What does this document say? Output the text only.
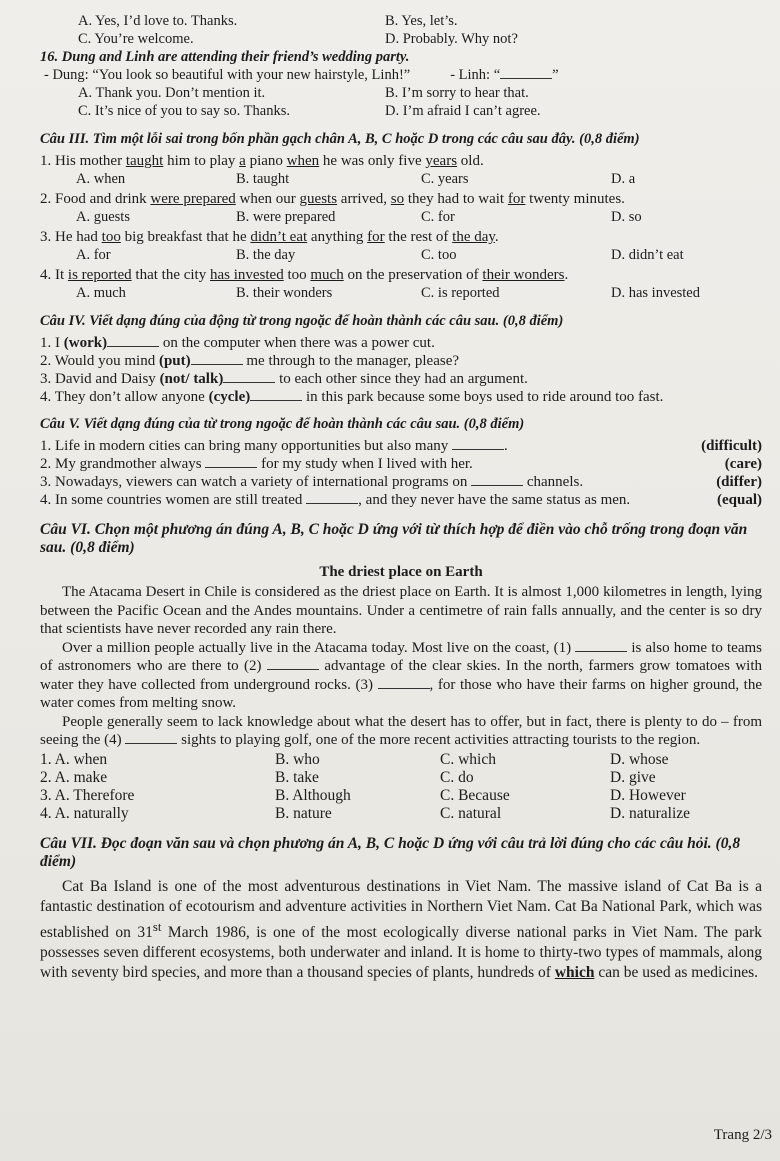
A. Yes, I’d love to. Thanks.	B. Yes, let’s.
C. You’re welcome.	D. Probably. Why not?
16. Dung and Linh are attending their friend’s wedding party.
- Dung: “You look so beautiful with your new hairstyle, Linh!”	- Linh: “	”
A. Thank you. Don’t mention it.	B. I’m sorry to hear that.
C. It’s nice of you to say so. Thanks.	D. I’m afraid I can’t agree.
Câu III. Tìm một lỗi sai trong bốn phần gạch chân A, B, C hoặc D trong các câu sau đây. (0,8 điểm)
1. His mother taught him to play a piano when he was only five years old.
A. when	B. taught	C. years	D. a
2. Food and drink were prepared when our guests arrived, so they had to wait for twenty minutes.
A. guests	B. were prepared	C. for	D. so
3. He had too big breakfast that he didn’t eat anything for the rest of the day.
A. for	B. the day	C. too	D. didn’t eat
4. It is reported that the city has invested too much on the preservation of their wonders.
A. much	B. their wonders	C. is reported	D. has invested
Câu IV. Viết dạng đúng của động từ trong ngoặc để hoàn thành các câu sau. (0,8 điểm)
1. I (work)	on the computer when there was a power cut.
2. Would you mind (put)	me through to the manager, please?
3. David and Daisy (not/ talk)	to each other since they had an argument.
4. They don’t allow anyone (cycle)	in this park because some boys used to ride around too fast.
Câu V. Viết dạng đúng của từ trong ngoặc để hoàn thành các câu sau. (0,8 điểm)
1. Life in modern cities can bring many opportunities but also many	.	(difficult)
2. My grandmother always	for my study when I lived with her.	(care)
3. Nowadays, viewers can watch a variety of international programs on	channels.	(differ)
4. In some countries women are still treated	, and they never have the same status as men.	(equal)
Câu VI. Chọn một phương án đúng A, B, C hoặc D ứng với từ thích hợp để điền vào chỗ trống trong đoạn văn sau. (0,8 điểm)
The driest place on Earth

The Atacama Desert in Chile is considered as the driest place on Earth. It is almost 1,000 kilometres in length, lying between the Pacific Ocean and the Andes mountains. Under a centimetre of rain falls annually, and the center is so dry that scientists have never recorded any rain there.

Over a million people actually live in the Atacama today. Most live on the coast, (1)	is also home to teams of astronomers who are there to (2)	advantage of the clear skies. In the north, farmers grow tomatoes with water they have collected from underground rocks. (3)	, for those who have their farms on higher ground, the water comes from melting snow.

People generally seem to lack knowledge about what the desert has to offer, but in fact, there is plenty to do – from seeing the (4)	sights to playing golf, one of the more recent activities attracting tourists to the region.

1. A. when	B. who	C. which	D. whose
2. A. make	B. take	C. do	D. give
3. A. Therefore	B. Although	C. Because	D. However
4. A. naturally	B. nature	C. natural	D. naturalize
Câu VII. Đọc đoạn văn sau và chọn phương án A, B, C hoặc D ứng với câu trả lời đúng cho các câu hỏi. (0,8 điểm)

Cat Ba Island is one of the most adventurous destinations in Viet Nam. The massive island of Cat Ba is a fantastic destination of ecotourism and adventure activities in Northern Viet Nam. Cat Ba National Park, which was established on 31st March 1986, is one of the most ecologically diverse national parks in Viet Nam. The park possesses seven different ecosystems, both underwater and inland. It is home to thirty-two types of mammals, along with seventy bird species, and more than a thousand species of plants, hundreds of which can be used as medicines.

Trang 2/3
